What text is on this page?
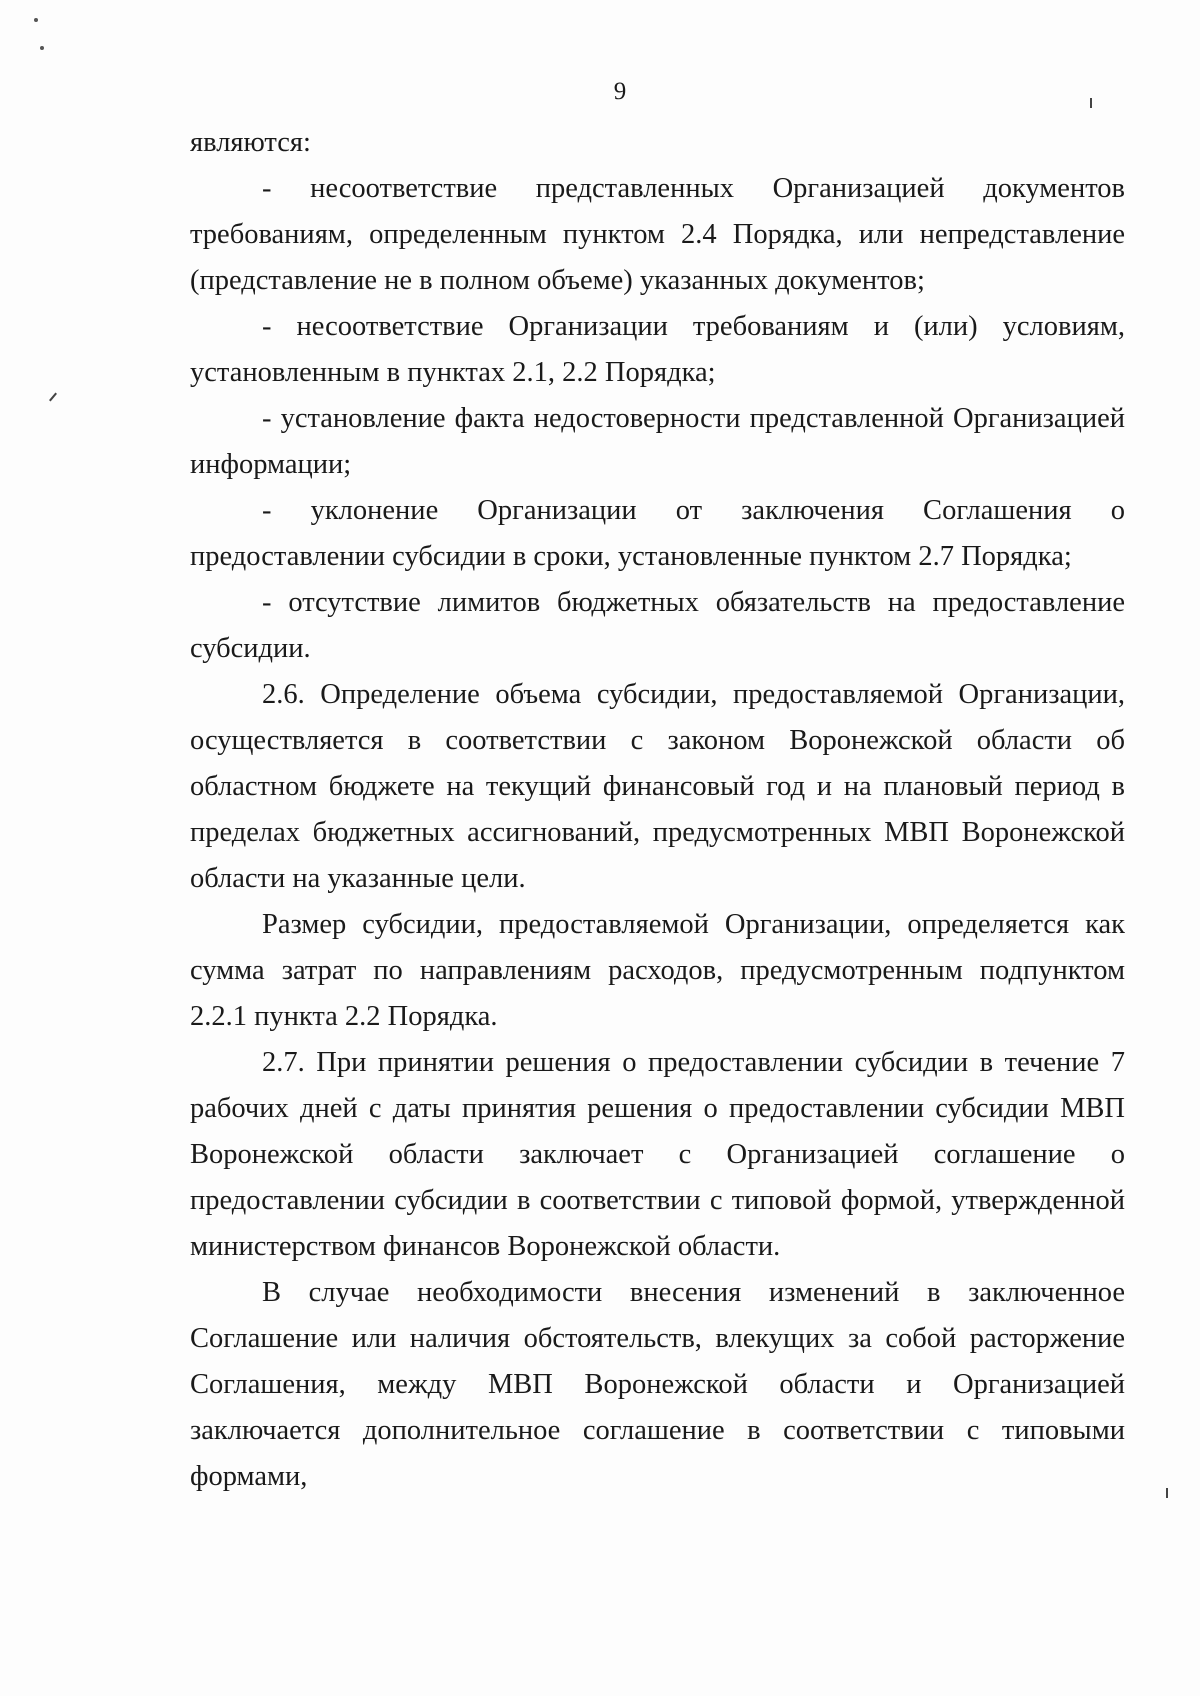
9

являются:

- несоответствие представленных Организацией документов требованиям, определенным пунктом 2.4 Порядка, или непредставление (представление не в полном объеме) указанных документов;

- несоответствие Организации требованиям и (или) условиям, установленным в пунктах 2.1, 2.2 Порядка;

- установление факта недостоверности представленной Организацией информации;

- уклонение Организации от заключения Соглашения о предоставлении субсидии в сроки, установленные пунктом 2.7 Порядка;

- отсутствие лимитов бюджетных обязательств на предоставление субсидии.

2.6. Определение объема субсидии, предоставляемой Организации, осуществляется в соответствии с законом Воронежской области об областном бюджете на текущий финансовый год и на плановый период в пределах бюджетных ассигнований, предусмотренных МВП Воронежской области на указанные цели.

Размер субсидии, предоставляемой Организации, определяется как сумма затрат по направлениям расходов, предусмотренным подпунктом 2.2.1 пункта 2.2 Порядка.

2.7. При принятии решения о предоставлении субсидии в течение 7 рабочих дней с даты принятия решения о предоставлении субсидии МВП Воронежской области заключает с Организацией соглашение о предоставлении субсидии в соответствии с типовой формой, утвержденной министерством финансов Воронежской области.

В случае необходимости внесения изменений в заключенное Соглашение или наличия обстоятельств, влекущих за собой расторжение Соглашения, между МВП Воронежской области и Организацией заключается дополнительное соглашение в соответствии с типовыми формами,
